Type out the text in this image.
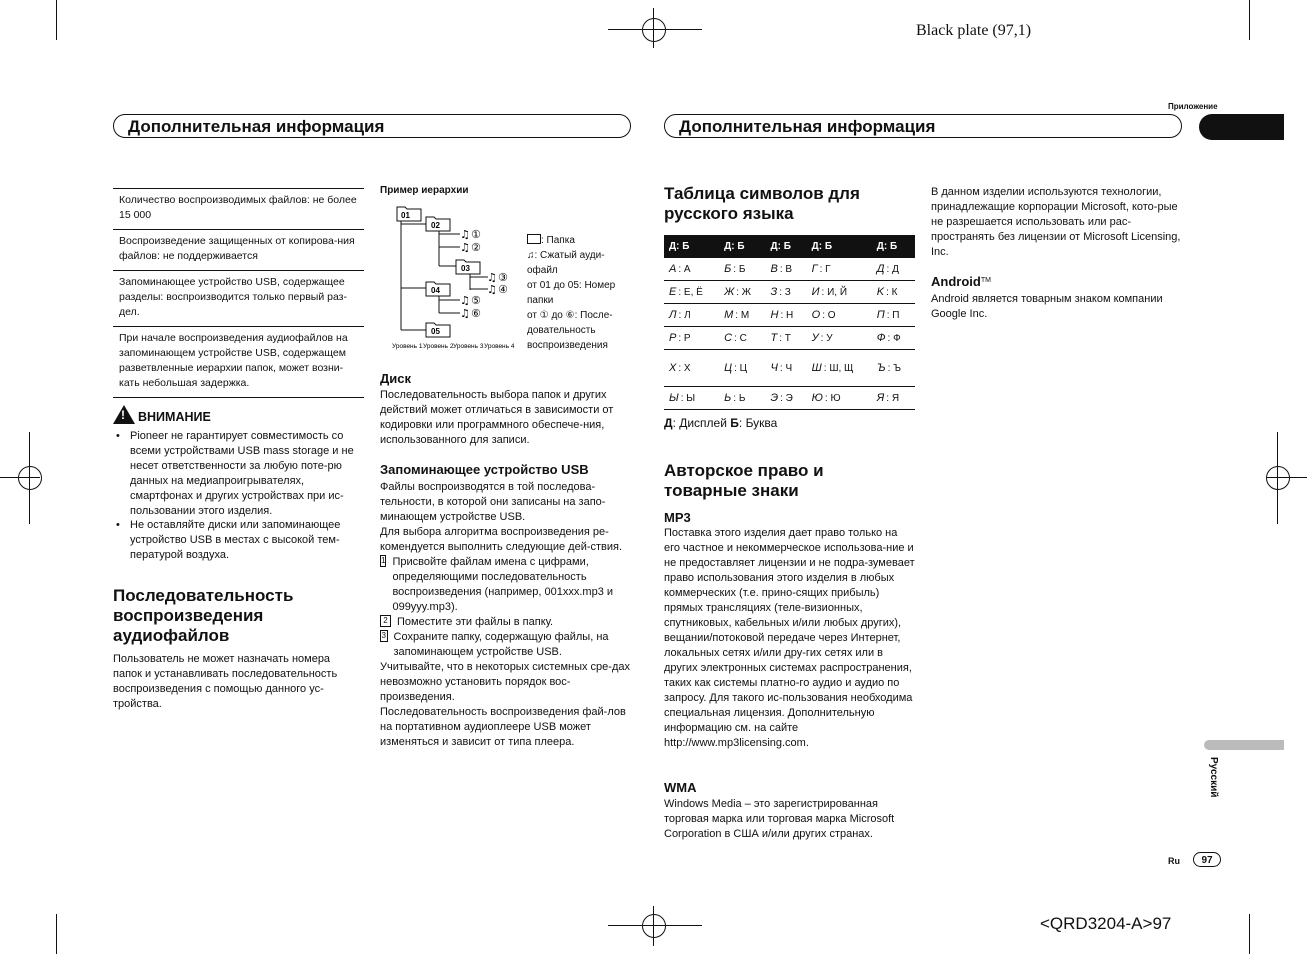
Black plate (97,1)
<QRD3204-A>97
Дополнительная информация	Дополнительная информация
Приложение
Количество воспроизводимых файлов: не более 15 000
Воспроизведение защищенных от копирова-ния файлов: не поддерживается
Запоминающее устройство USB, содержащее разделы: воспроизводится только первый раз-дел.
При начале воспроизведения аудиофайлов на запоминающем устройстве USB, содержащем разветвленные иерархии папок, может возни-кать небольшая задержка.
!ВНИМАНИЕ
• Pioneer не гарантирует совместимость со всеми устройствами USB mass storage и не несет ответственности за любую поте-рю данных на медиапроигрывателях, смартфонах и других устройствах при ис-пользовании этого изделия.
• Не оставляйте диски или запоминающее устройство USB в местах с высокой тем-пературой воздуха.
Последовательность воспроизведения аудиофайлов
Пользователь не может назначать номера папок и устанавливать последовательность воспроизведения с помощью данного ус-тройства.
Пример иерархии
01
02
03
04
05
♫ ①
♫ ②
♫ ③
♫ ④
♫ ⑤
♫ ⑥
Уровень 1 Уровень 2 Уровень 3 Уровень 4
: Папка
♫: Сжатый ауди-офайл
от 01 до 05: Номер папки
от ① до ⑥: После-довательность воспроизведения
Диск
Последовательность выбора папок и других действий может отличаться в зависимости от кодировки или программного обеспече-ния, использованного для записи.
Запоминающее устройство USB
Файлы воспроизводятся в той последова-тельности, в которой они записаны на запо-минающем устройстве USB.
Для выбора алгоритма воспроизведения ре-комендуется выполнить следующие дей-ствия.
1 Присвойте файлам имена с цифрами, определяющими последовательность воспроизведения (например, 001xxx.mp3 и 099yyy.mp3).
2 Поместите эти файлы в папку.
3 Сохраните папку, содержащую файлы, на запоминающем устройстве USB.
Учитывайте, что в некоторых системных сре-дах невозможно установить порядок вос-произведения.
Последовательность воспроизведения фай-лов на портативном аудиоплеере USB может изменяться и зависит от типа плеера.
Таблица символов для русского языка
Д: Б	Д: Б	Д: Б	Д: Б	Д: Б
A : А	Б : Б	B : В	Г : Г	Д : Д
E : Е, Ё	Ж : Ж	З : З	И : И, Й	K : К
Л : Л	M : М	H : Н	O : О	П : П
P : Р	C : С	T : Т	У : У	Ф : Ф
X : Х	Ц : Ц	Ч : Ч	Ш : Ш, Щ	Ъ : Ъ
Ы : Ы	Ь : Ь	Э : Э	Ю : Ю	Я : Я
Д: Дисплей Б: Буква
Авторское право и товарные знаки
MP3
Поставка этого изделия дает право только на его частное и некоммерческое использова-ние и не предоставляет лицензии и не подра-зумевает право использования этого изделия в любых коммерческих (т.е. прино-сящих прибыль) прямых трансляциях (теле-визионных, спутниковых, кабельных и/или любых других), вещании/потоковой передаче через Интернет, локальных сетях и/или дру-гих сетях или в других электронных системах распространения, таких как системы платно-го аудио и аудио по запросу. Для такого ис-пользования необходима специальная лицензия. Дополнительную информацию см. на сайте
http://www.mp3licensing.com.
WMA
Windows Media – это зарегистрированная торговая марка или торговая марка Microsoft Corporation в США и/или других странах.
В данном изделии используются технологии, принадлежащие корпорации Microsoft, кото-рые не разрешается использовать или рас-пространять без лицензии от Microsoft Licensing, Inc.
Android™
Android является товарным знаком компании Google Inc.
Русский
Ru	97
